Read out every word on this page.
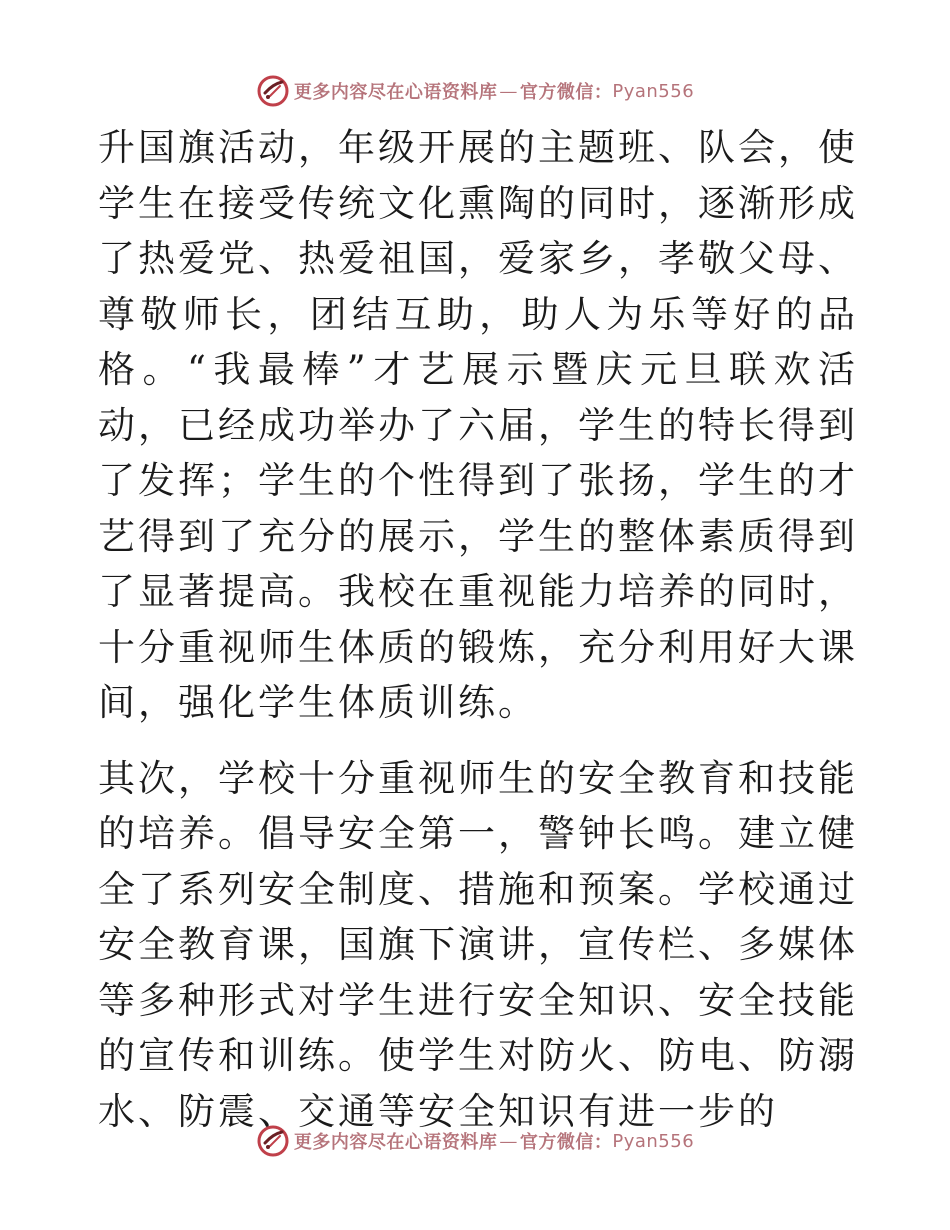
更多内容尽在心语资料库 — 官方微信： Pyan556

升国旗活动，年级开展的主题班、队会，使学生在接受传统文化熏陶的同时，逐渐形成了热爱党、热爱祖国，爱家乡，孝敬父母、尊敬师长，团结互助，助人为乐等好的品格。“我最棒”才艺展示暨庆元旦联欢活动，已经成功举办了六届，学生的特长得到了发挥；学生的个性得到了张扬，学生的才艺得到了充分的展示，学生的整体素质得到了显著提高。我校在重视能力培养的同时，十分重视师生体质的锻炼，充分利用好大课间，强化学生体质训练。

其次，学校十分重视师生的安全教育和技能的培养。倡导安全第一，警钟长鸣。建立健全了系列安全制度、措施和预案。学校通过安全教育课，国旗下演讲，宣传栏、多媒体等多种形式对学生进行安全知识、安全技能的宣传和训练。使学生对防火、防电、防溺水、防震、交通等安全知识有进一步的

更多内容尽在心语资料库 — 官方微信： Pyan556
